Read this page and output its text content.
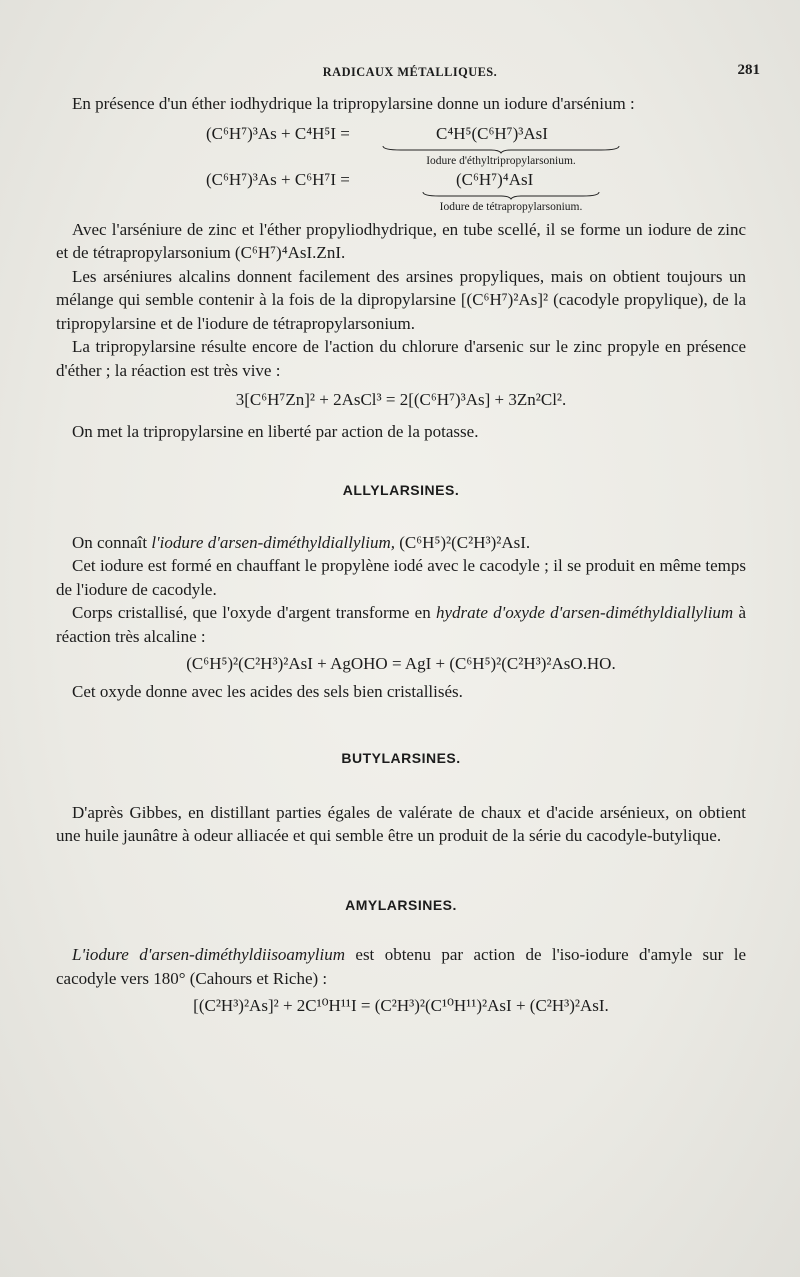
RADICAUX MÉTALLIQUES.	281

En présence d'un éther iodhydrique la tripropylarsine donne un iodure d'arsénium :

(C⁶H⁷)³As + C⁴H⁵I =	C⁴H⁵(C⁶H⁷)³AsI
Iodure d'éthyltripropylarsonium.
(C⁶H⁷)³As + C⁶H⁷I =	(C⁶H⁷)⁴AsI
Iodure de tétrapropylarsonium.

Avec l'arséniure de zinc et l'éther propyliodhydrique, en tube scellé, il se forme un iodure de zinc et de tétrapropylarsonium (C⁶H⁷)⁴AsI.ZnI.

Les arséniures alcalins donnent facilement des arsines propyliques, mais on obtient toujours un mélange qui semble contenir à la fois de la dipropylarsine [(C⁶H⁷)²As]² (cacodyle propylique), de la tripropylarsine et de l'iodure de tétrapropylarsonium.

La tripropylarsine résulte encore de l'action du chlorure d'arsenic sur le zinc propyle en présence d'éther ; la réaction est très vive :

3[C⁶H⁷Zn]² + 2AsCl³ = 2[(C⁶H⁷)³As] + 3Zn²Cl².

On met la tripropylarsine en liberté par action de la potasse.

ALLYLARSINES.

On connaît l'iodure d'arsen-diméthyldiallylium, (C⁶H⁵)²(C²H³)²AsI.

Cet iodure est formé en chauffant le propylène iodé avec le cacodyle ; il se produit en même temps de l'iodure de cacodyle.

Corps cristallisé, que l'oxyde d'argent transforme en hydrate d'oxyde d'arsen-diméthyldiallylium à réaction très alcaline :

(C⁶H⁵)²(C²H³)²AsI + AgOHO = AgI + (C⁶H⁵)²(C²H³)²AsO.HO.

Cet oxyde donne avec les acides des sels bien cristallisés.

BUTYLARSINES.

D'après Gibbes, en distillant parties égales de valérate de chaux et d'acide arsénieux, on obtient une huile jaunâtre à odeur alliacée et qui semble être un produit de la série du cacodyle-butylique.

AMYLARSINES.

L'iodure d'arsen-diméthyldiisoamylium est obtenu par action de l'iso-iodure d'amyle sur le cacodyle vers 180° (Cahours et Riche) :

[(C²H³)²As]² + 2C¹⁰H¹¹I = (C²H³)²(C¹⁰H¹¹)²AsI + (C²H³)²AsI.
